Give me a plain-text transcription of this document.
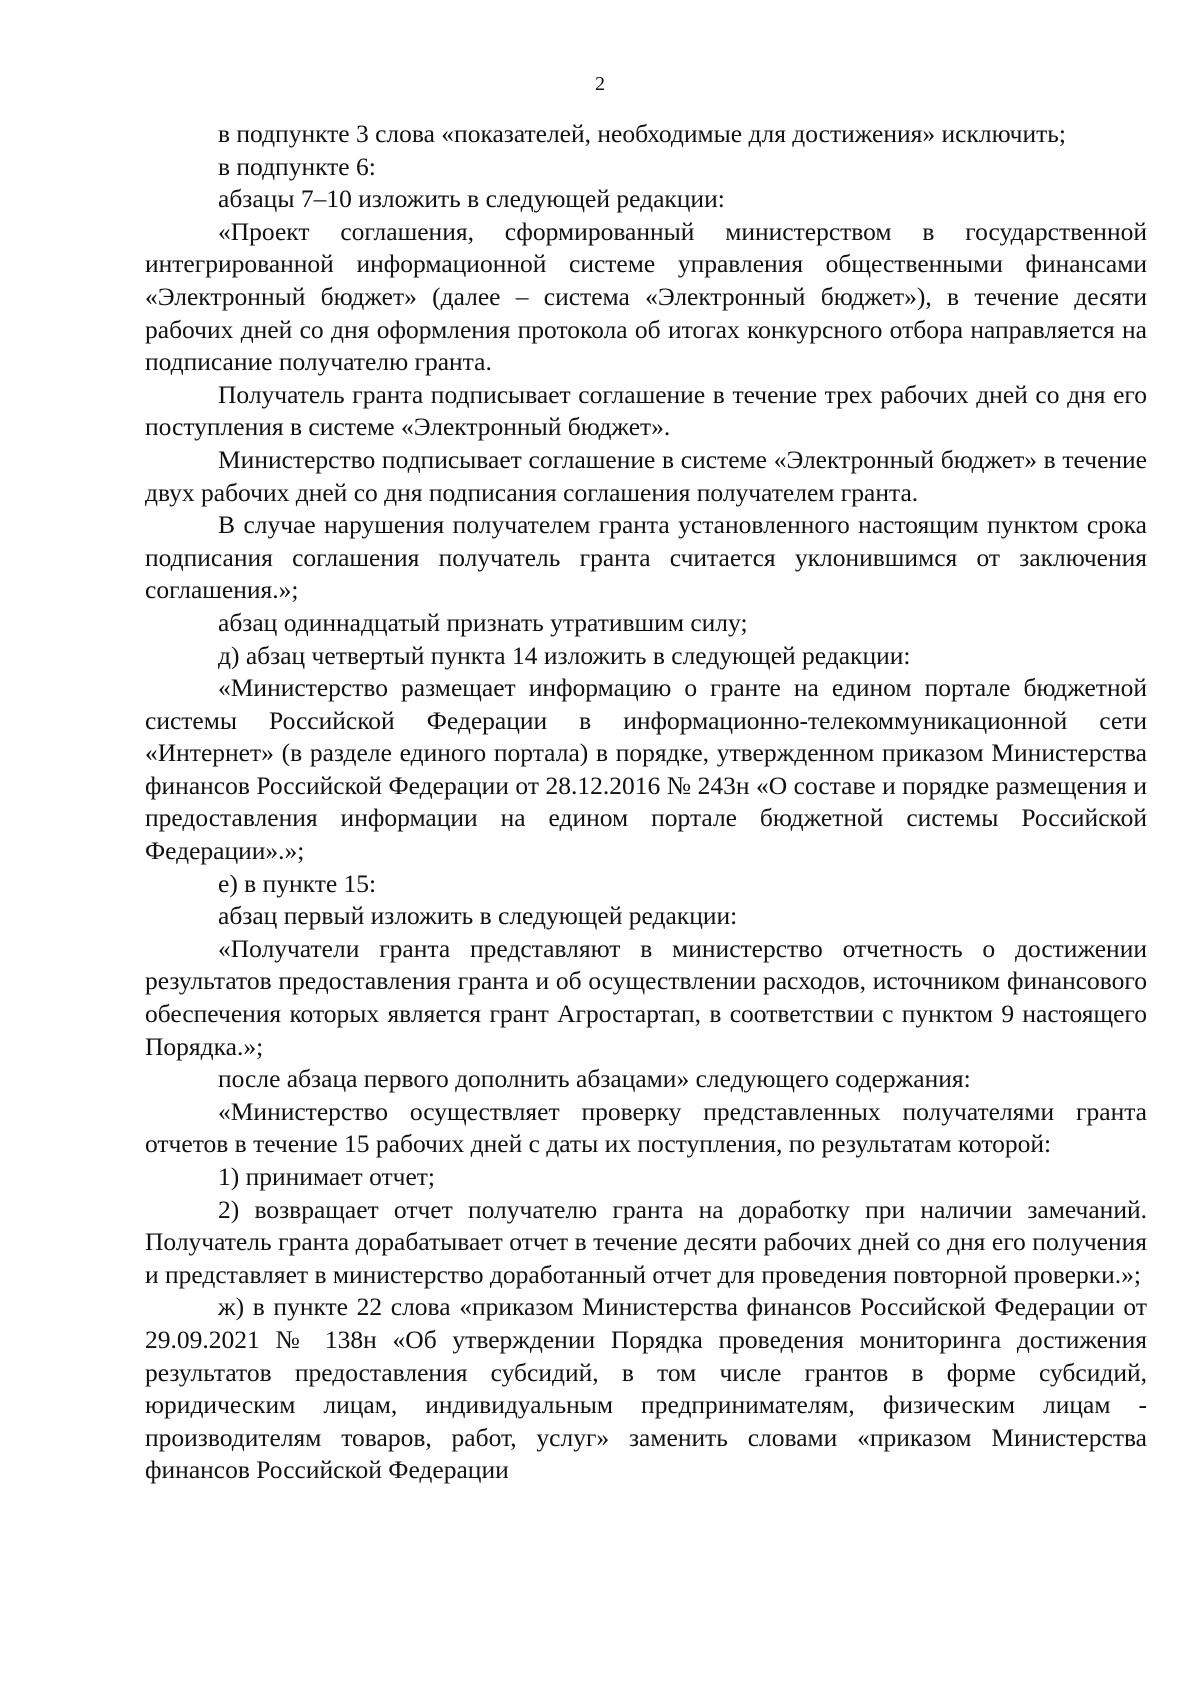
2

в подпункте 3 слова «показателей, необходимые для достижения» исключить;

в подпункте 6:

абзацы 7–10 изложить в следующей редакции:

«Проект соглашения, сформированный министерством в государственной интегрированной информационной системе управления общественными финансами «Электронный бюджет» (далее – система «Электронный бюджет»), в течение десяти рабочих дней со дня оформления протокола об итогах конкурсного отбора направляется на подписание получателю гранта.

Получатель гранта подписывает соглашение в течение трех рабочих дней со дня его поступления в системе «Электронный бюджет».

Министерство подписывает соглашение в системе «Электронный бюджет» в течение двух рабочих дней со дня подписания соглашения получателем гранта.

В случае нарушения получателем гранта установленного настоящим пунктом срока подписания соглашения получатель гранта считается уклонившимся от заключения соглашения.»;

абзац одиннадцатый признать утратившим силу;

д) абзац четвертый пункта 14 изложить в следующей редакции:

«Министерство размещает информацию о гранте на едином портале бюджетной системы Российской Федерации в информационно-телекоммуникационной сети «Интернет» (в разделе единого портала) в порядке, утвержденном приказом Министерства финансов Российской Федерации от 28.12.2016 № 243н «О составе и порядке размещения и предоставления информации на едином портале бюджетной системы Российской Федерации».»;

е) в пункте 15:

абзац первый изложить в следующей редакции:

«Получатели гранта представляют в министерство отчетность о достижении результатов предоставления гранта и об осуществлении расходов, источником финансового обеспечения которых является грант Агростартап, в соответствии с пунктом 9 настоящего Порядка.»;

после абзаца первого дополнить абзацами» следующего содержания:

«Министерство осуществляет проверку представленных получателями гранта отчетов в течение 15 рабочих дней с даты их поступления, по результатам которой:

1) принимает отчет;

2) возвращает отчет получателю гранта на доработку при наличии замечаний. Получатель гранта дорабатывает отчет в течение десяти рабочих дней со дня его получения и представляет в министерство доработанный отчет для проведения повторной проверки.»;

ж) в пункте 22 слова «приказом Министерства финансов Российской Федерации от 29.09.2021 № 138н «Об утверждении Порядка проведения мониторинга достижения результатов предоставления субсидий, в том числе грантов в форме субсидий, юридическим лицам, индивидуальным предпринимателям, физическим лицам - производителям товаров, работ, услуг» заменить словами «приказом Министерства финансов Российской Федерации
